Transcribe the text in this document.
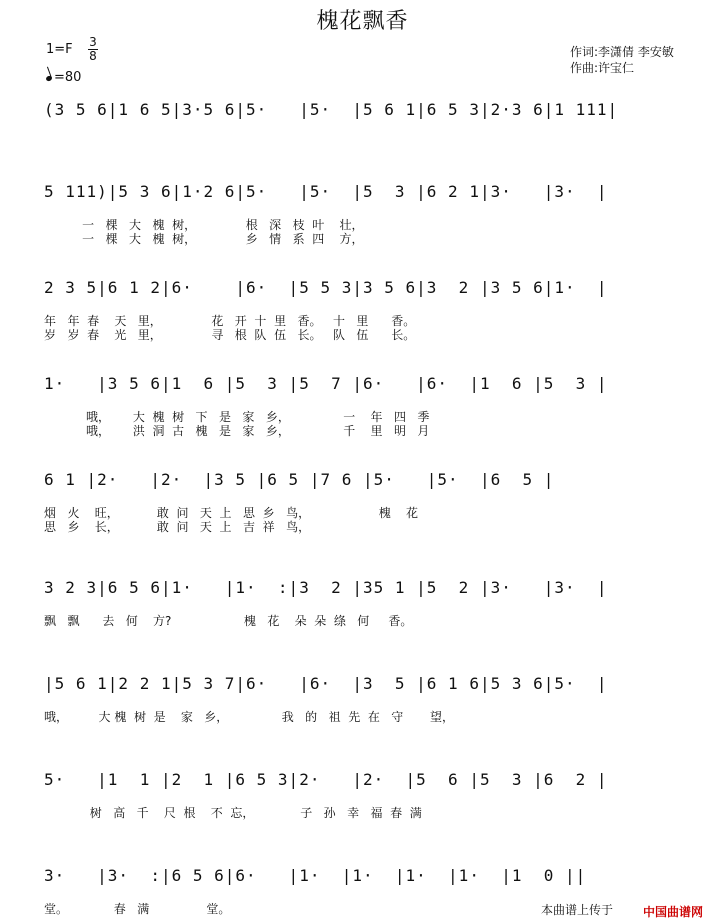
槐花飘香
1=F 3
8
=80
作词:李潇倩 李安敏
作曲:许宝仁
(3 5 6|1 6 5|3·5 6|5·   |5·  |5 6 1|6 5 3|2·3 6|1 111|
5 111)|5 3 6|1·2 6|5·   |5·  |5  3 |6 2 1|3·   |3·  |
一   棵   大   槐  树，             根   深   枝  叶    壮，
一   棵   大   槐  树，             乡   情   系  四    方，
2 3 5|6 1 2|6·    |6·  |5 5 3|3 5 6|3  2 |3 5 6|1·  |
年   年  春    天   里，             花   开  十  里   香。   十   里      香。
岁   岁  春    光   里，             寻   根  队  伍   长。   队   伍      长。
1·   |3 5 6|1  6 |5  3 |5  7 |6·   |6·  |1  6 |5  3 |
哦，      大  槐  树   下   是   家   乡，              一    年   四   季
哦，      洪  洞  古   槐   是   家   乡，              千    里   明   月
6 1 |2·   |2·  |3 5 |6 5 |7 6 |5·   |5·  |6  5 |
烟   火    旺，          敢  问   天  上   思  乡   鸟，                  槐    花
思   乡    长，          敢  问   天  上   吉  祥   鸟，
3 2 3|6 5 6|1·   |1·  :|3  2 |35 1 |5  2 |3·   |3·  |
飘   飘      去   何    方?                   槐   花    朵  朵  绦   何     香。
|5 6 1|2 2 1|5 3 7|6·   |6·  |3  5 |6 1 6|5 3 6|5·  |
哦，        大 槐  树  是    家   乡，              我   的   祖  先  在   守       望，
5·   |1  1 |2  1 |6 5 3|2·   |2·  |5  6 |5  3 |6  2 |
树   高   千    尺  根    不  忘，            子   孙   幸   福  春  满
3·   |3·  :|6 5 6|6·   |1·  |1·  |1·  |1·  |1  0 ||
堂。            春   满               堂。	本曲谱上传于 中国曲谱网
